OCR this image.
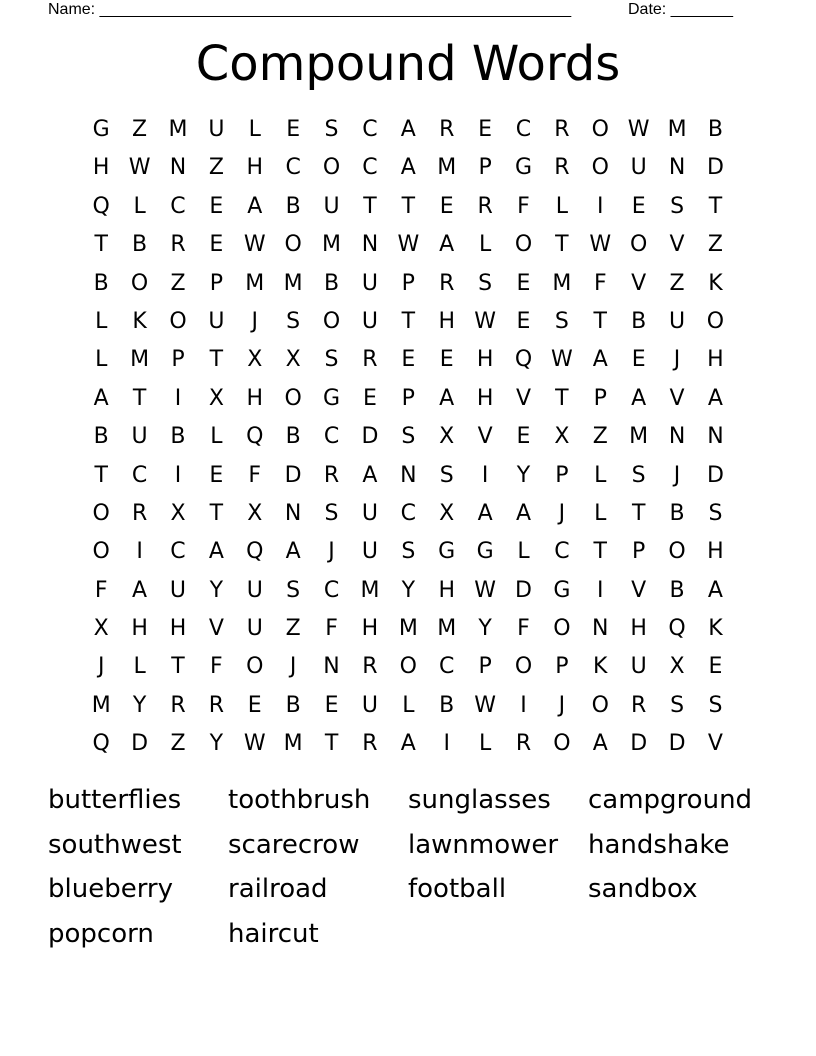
Name: _____________________________________________________	Date: _______
Compound Words
G	Z M U	L	E	S	C	A	R	E	C	R	O W M B
H W N	Z	H	C	O	C	A M	P	G	R	O U	N D
Q	L	C	E	A	B	U	T	T	E	R	F	L	I	E	S	T
T	B	R	E W O M N W A	L	O	T W O	V	Z
B	O	Z	P	M M B	U	P	R	S	E M	F	V	Z	K
L	K	O U	J	S	O U	T	H W E	S	T	B	U O
L	M	P	T	X	X	S	R	E	E	H Q W A	E	J	H
A	T	I	X	H O G	E	P	A	H	V	T	P	A	V	A
B	U	B	L	Q	B	C	D	S	X	V	E	X	Z M N N
T	C	I	E	F	D	R	A	N	S	I	Y	P	L	S	J	D
O	R	X	T	X	N	S	U	C	X	A	A	J	L	T	B	S
O	I	C	A	Q	A	J	U	S	G G	L	C	T	P	O H
F	A	U	Y	U	S	C M	Y	H W D G	I	V	B	A
X	H H	V	U	Z	F	H M M	Y	F	O N H Q	K
J	L	T	F	O	J	N	R	O	C	P	O	P	K	U	X	E
M	Y	R	R	E	B	E	U	L	B W	I	J	O	R	S	S
Q D	Z	Y W M	T	R	A	I	L	R	O	A	D D	V
butterflies	toothbrush	sunglasses	campground
southwest	scarecrow	lawnmower	handshake
blueberry	railroad	football	sandbox
popcorn	haircut
